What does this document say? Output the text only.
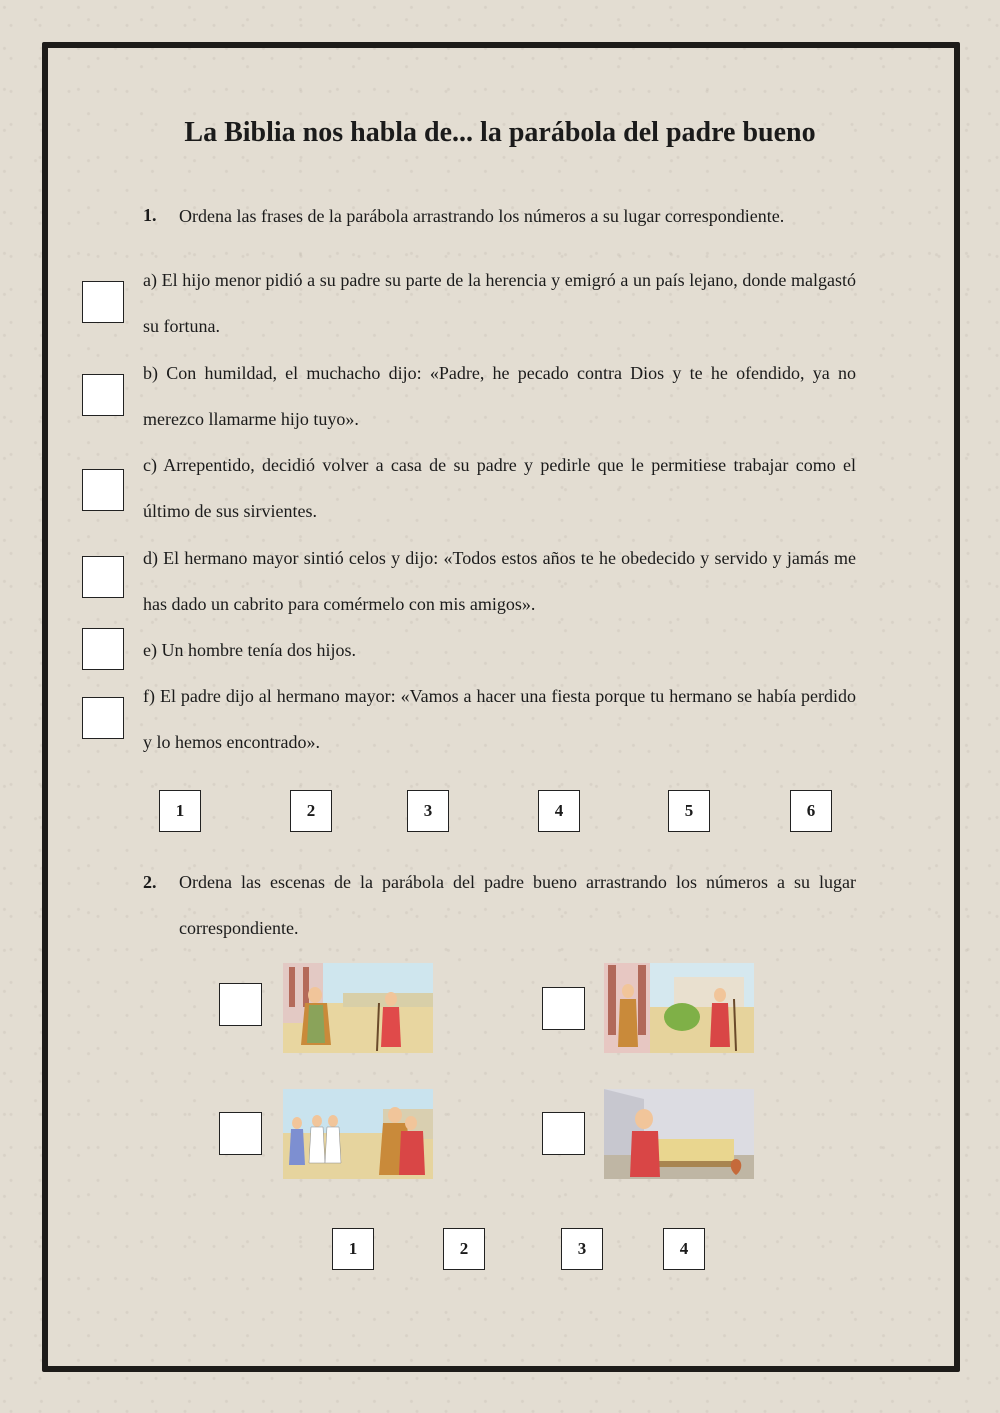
La Biblia nos habla de... la parábola del padre bueno
1. Ordena las frases de la parábola arrastrando los números a su lugar correspondiente.
a) El hijo menor pidió a su padre su parte de la herencia y emigró a un país lejano, donde malgastó su fortuna.
b) Con humildad, el muchacho dijo: «Padre, he pecado contra Dios y te he ofendido, ya no merezco llamarme hijo tuyo».
c) Arrepentido, decidió volver a casa de su padre y pedirle que le permitiese trabajar como el último de sus sirvientes.
d) El hermano mayor sintió celos y dijo: «Todos estos años te he obedecido y servido y jamás me has dado un cabrito para comérmelo con mis amigos».
e) Un hombre tenía dos hijos.
f) El padre dijo al hermano mayor: «Vamos a hacer una fiesta porque tu hermano se había perdido y lo hemos encontrado».
1	2	3	4	5	6
2. Ordena las escenas de la parábola del padre bueno arrastrando los números a su lugar correspondiente.
1	2	3	4
